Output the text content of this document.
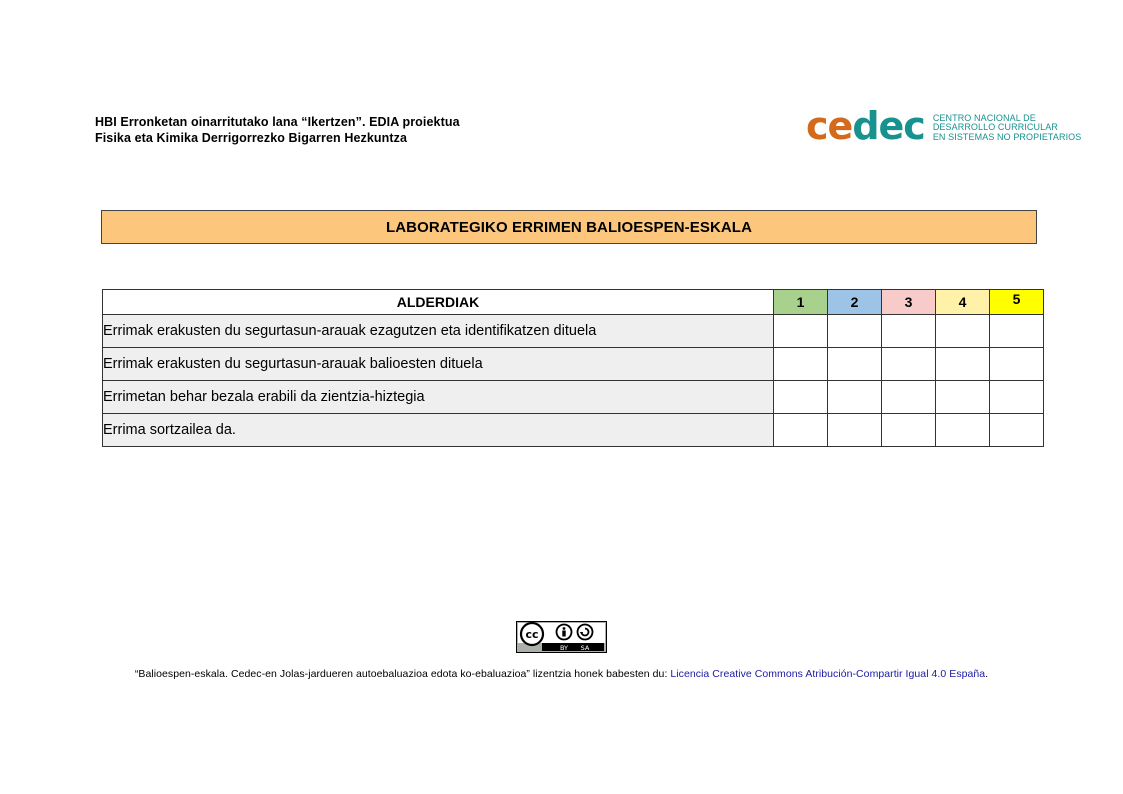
HBI Erronketan oinarritutako lana “Ikertzen”. EDIA proiektua
Fisika eta Kimika Derrigorrezko Bigarren Hezkuntza	cedec CENTRO NACIONAL DE
DESARROLLO CURRICULAR
EN SISTEMAS NO PROPIETARIOS
LABORATEGIKO ERRIMEN BALIOESPEN-ESKALA
ALDERDIAK	1	2	3	4	5
Errimak erakusten du segurtasun-arauak ezagutzen eta identifikatzen dituela					
Errimak erakusten du segurtasun-arauak balioesten dituela					
Errimetan behar bezala erabili da zientzia-hiztegia					
Errima sortzailea da.					
cc
BY SA
“Balioespen-eskala. Cedec-en Jolas-jardueren autoebaluazioa edota ko-ebaluazioa” lizentzia honek babesten du: Licencia Creative Commons Atribución-Compartir Igual 4.0 España.
